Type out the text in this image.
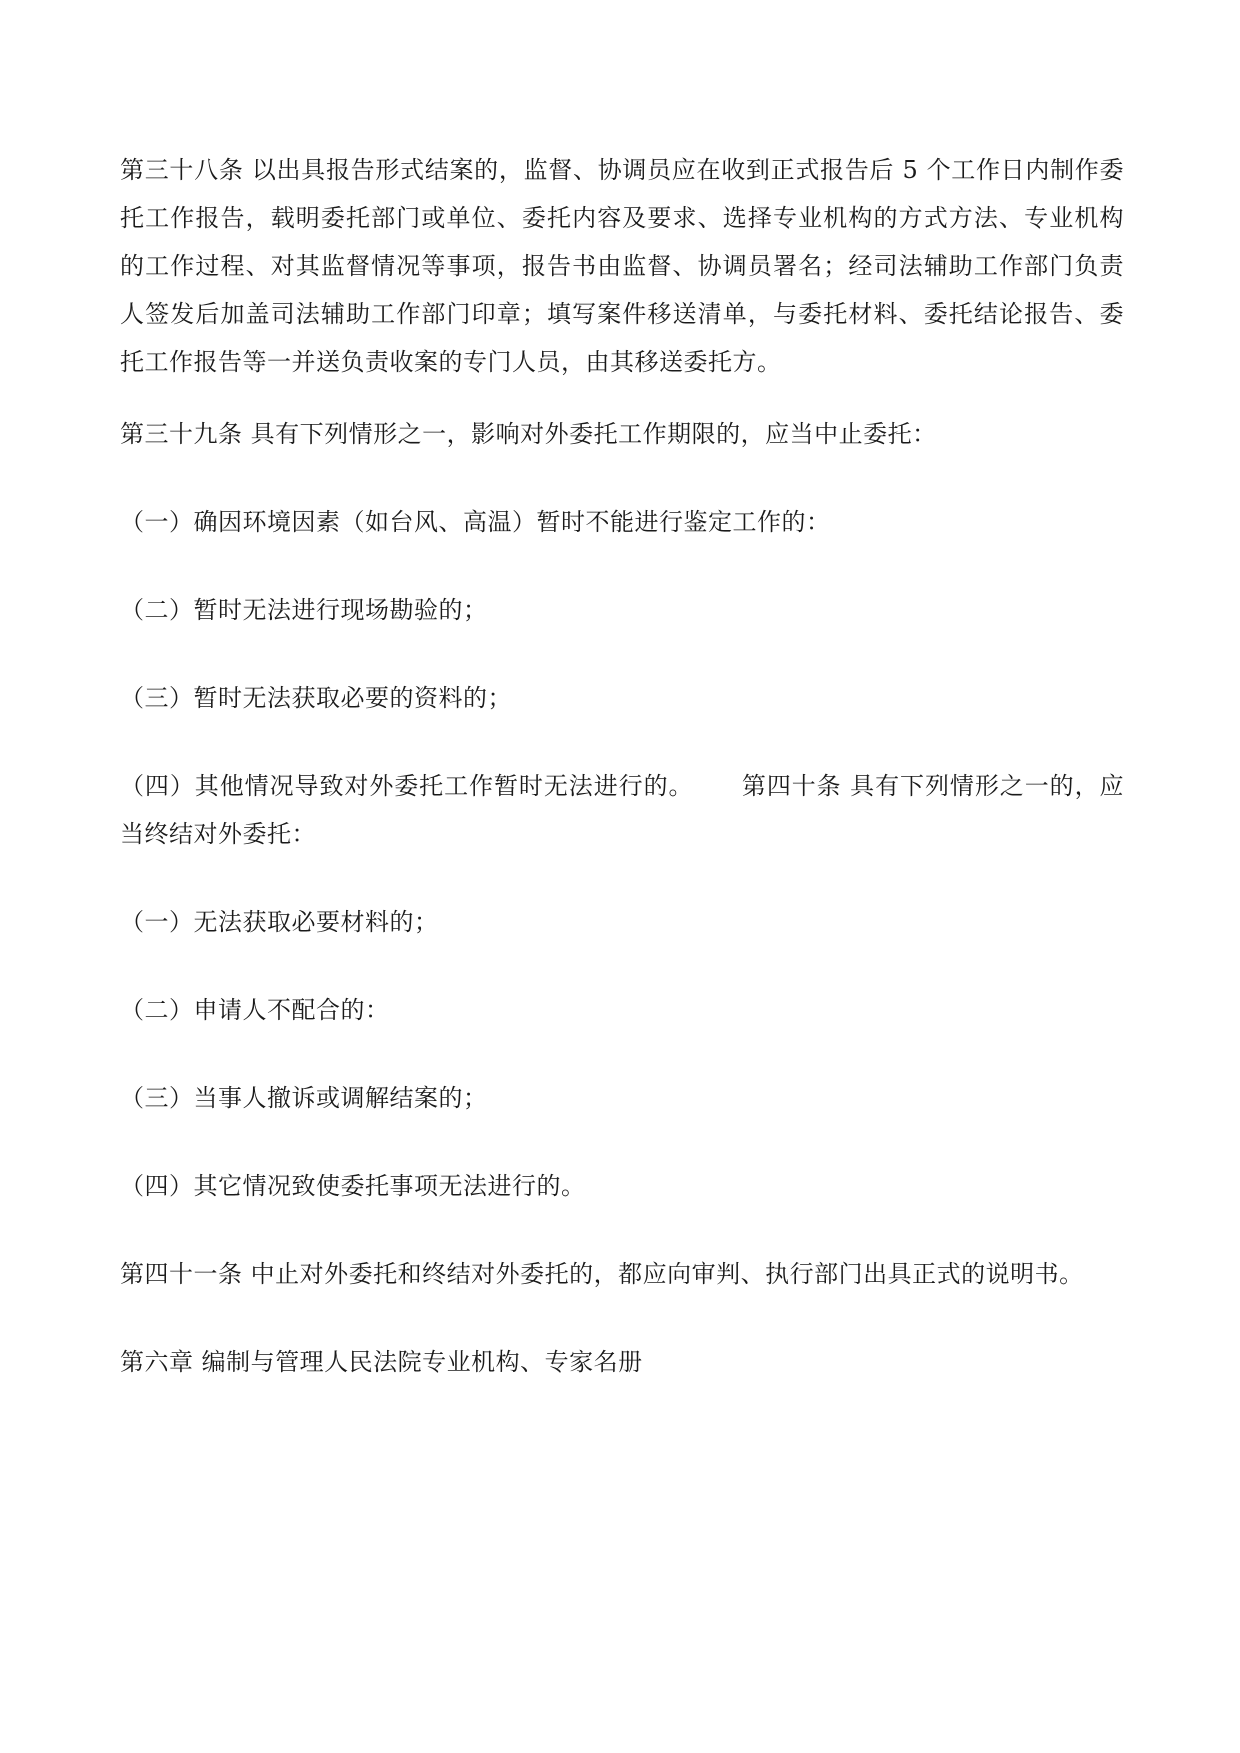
第三十八条 以出具报告形式结案的，监督、协调员应在收到正式报告后 5 个工作日内制作委托工作报告，载明委托部门或单位、委托内容及要求、选择专业机构的方式方法、专业机构的工作过程、对其监督情况等事项，报告书由监督、协调员署名；经司法辅助工作部门负责人签发后加盖司法辅助工作部门印章；填写案件移送清单，与委托材料、委托结论报告、委托工作报告等一并送负责收案的专门人员，由其移送委托方。

第三十九条 具有下列情形之一，影响对外委托工作期限的，应当中止委托：

（一）确因环境因素（如台风、高温）暂时不能进行鉴定工作的：

（二）暂时无法进行现场勘验的；

（三）暂时无法获取必要的资料的；

（四）其他情况导致对外委托工作暂时无法进行的。 第四十条 具有下列情形之一的，应当终结对外委托：

（一）无法获取必要材料的；

（二）申请人不配合的：

（三）当事人撤诉或调解结案的；

（四）其它情况致使委托事项无法进行的。

第四十一条 中止对外委托和终结对外委托的，都应向审判、执行部门出具正式的说明书。

第六章 编制与管理人民法院专业机构、专家名册
